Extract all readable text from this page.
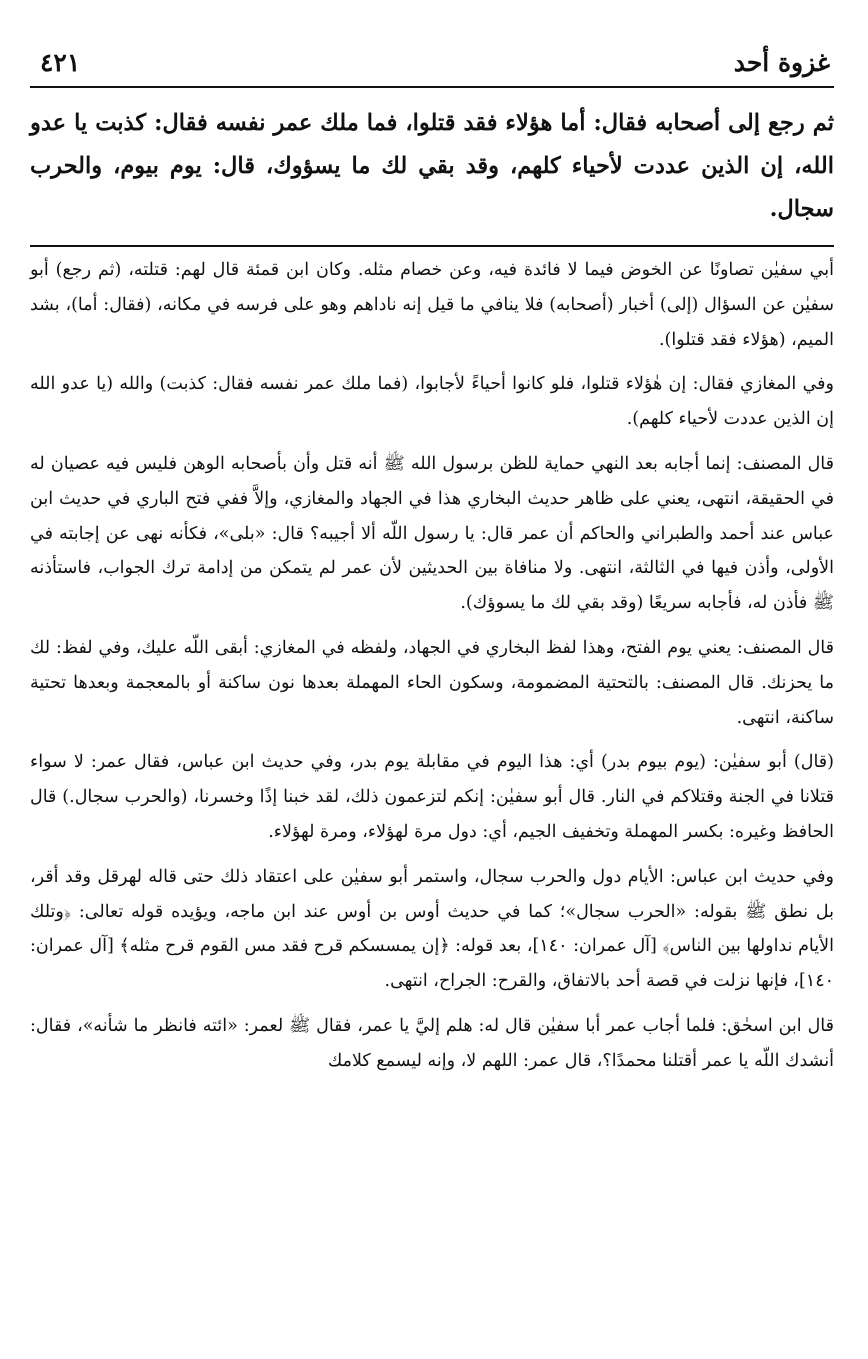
غزوة أحد
٤٢١
ثم رجع إلى أصحابه فقال: أما هؤلاء فقد قتلوا، فما ملك عمر نفسه فقال: كذبت يا عدو الله، إن الذين عددت لأحياء كلهم، وقد بقي لك ما يسؤوك، قال: يوم بيوم، والحرب سجال.

أبي سفيٰن تصاونًا عن الخوض فيما لا فائدة فيه، وعن خصام مثله. وكان ابن قمئة قال لهم: قتلته، (ثم رجع) أبو سفيٰن عن السؤال (إلى) أخبار (أصحابه) فلا ينافي ما قيل إنه ناداهم وهو على فرسه في مكانه، (فقال: أما)، بشد الميم، (هؤلاء فقد قتلوا).

وفي المغازي فقال: إن هٰؤلاء قتلوا، فلو كانوا أحياءً لأجابوا، (فما ملك عمر نفسه فقال: كذبت) والله (يا عدو الله إن الذين عددت لأحياء كلهم).

قال المصنف: إنما أجابه بعد النهي حماية للظن برسول الله ﷺ أنه قتل وأن بأصحابه الوهن فليس فيه عصيان له في الحقيقة، انتهى، يعني على ظاهر حديث البخاري هذا في الجهاد والمغازي، وإلاَّ ففي فتح الباري في حديث ابن عباس عند أحمد والطبراني والحاكم أن عمر قال: يا رسول اللّه ألا أجيبه؟ قال: «بلى»، فكأنه نهى عن إجابته في الأولى، وأذن فيها في الثالثة، انتهى. ولا منافاة بين الحديثين لأن عمر لم يتمكن من إدامة ترك الجواب، فاستأذنه ﷺ فأذن له، فأجابه سريعًا (وقد بقي لك ما يسوؤك).

قال المصنف: يعني يوم الفتح، وهذا لفظ البخاري في الجهاد، ولفظه في المغازي: أبقى اللّه عليك، وفي لفظ: لك ما يحزنك. قال المصنف: بالتحتية المضمومة، وسكون الحاء المهملة بعدها نون ساكنة أو بالمعجمة وبعدها تحتية ساكنة، انتهى.

(قال) أبو سفيٰن: (يوم بيوم بدر) أي: هذا اليوم في مقابلة يوم بدر، وفي حديث ابن عباس، فقال عمر: لا سواء قتلانا في الجنة وقتلاكم في النار. قال أبو سفيٰن: إنكم لتزعمون ذلك، لقد خبنا إذًا وخسرنا، (والحرب سجال.) قال الحافظ وغيره: بكسر المهملة وتخفيف الجيم، أي: دول مرة لهؤلاء، ومرة لهؤلاء.

وفي حديث ابن عباس: الأيام دول والحرب سجال، واستمر أبو سفيٰن على اعتقاد ذلك حتى قاله لهرقل وقد أقر، بل نطق ﷺ بقوله: «الحرب سجال»؛ كما في حديث أوس بن أوس عند ابن ماجه، ويؤيده قوله تعالى: ﴿وتلك الأيام نداولها بين الناس﴾ [آل عمران: ١٤٠]، بعد قوله: ﴿إن يمسسكم قرح فقد مس القوم قرح مثله﴾ [آل عمران: ١٤٠]، فإنها نزلت في قصة أحد بالاتفاق، والقرح: الجراح، انتهى.

قال ابن اسحٰق: فلما أجاب عمر أبا سفيٰن قال له: هلم إليَّ يا عمر، فقال ﷺ لعمر: «ائته فانظر ما شأنه»، فقال: أنشدك اللّه يا عمر أقتلنا محمدًا؟، قال عمر: اللهم لا، وإنه ليسمع كلامك
